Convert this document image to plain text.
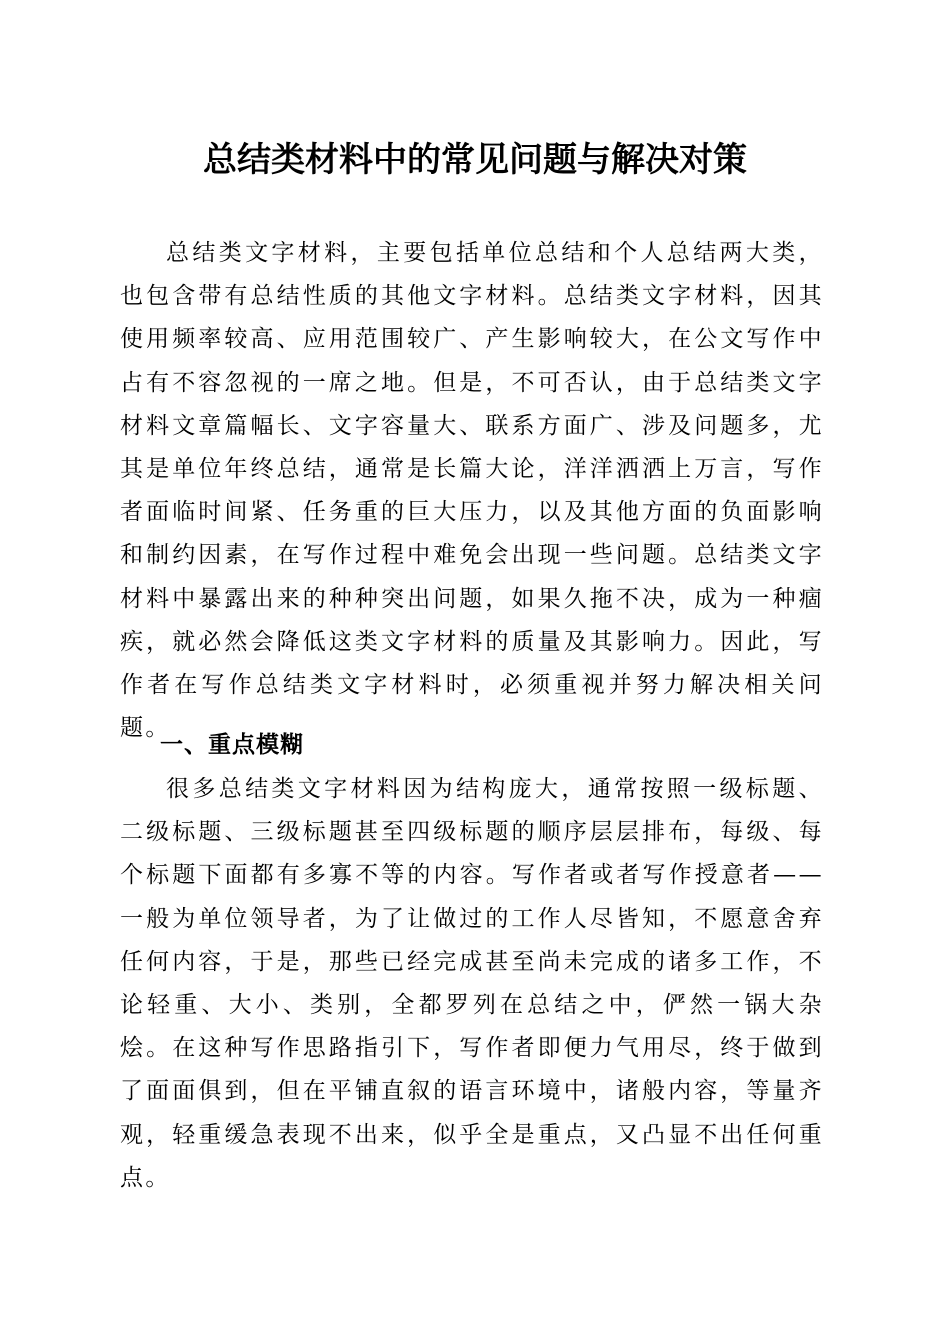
总结类材料中的常见问题与解决对策

总结类文字材料，主要包括单位总结和个人总结两大类，也包含带有总结性质的其他文字材料。总结类文字材料，因其使用频率较高、应用范围较广、产生影响较大，在公文写作中占有不容忽视的一席之地。但是，不可否认，由于总结类文字材料文章篇幅长、文字容量大、联系方面广、涉及问题多，尤其是单位年终总结，通常是长篇大论，洋洋洒洒上万言，写作者面临时间紧、任务重的巨大压力，以及其他方面的负面影响和制约因素，在写作过程中难免会出现一些问题。总结类文字材料中暴露出来的种种突出问题，如果久拖不决，成为一种痼疾，就必然会降低这类文字材料的质量及其影响力。因此，写作者在写作总结类文字材料时，必须重视并努力解决相关问题。

一、重点模糊

很多总结类文字材料因为结构庞大，通常按照一级标题、二级标题、三级标题甚至四级标题的顺序层层排布，每级、每个标题下面都有多寡不等的内容。写作者或者写作授意者——一般为单位领导者，为了让做过的工作人尽皆知，不愿意舍弃任何内容，于是，那些已经完成甚至尚未完成的诸多工作，不论轻重、大小、类别，全都罗列在总结之中，俨然一锅大杂烩。在这种写作思路指引下，写作者即便力气用尽，终于做到了面面俱到，但在平铺直叙的语言环境中，诸般内容，等量齐观，轻重缓急表现不出来，似乎全是重点，又凸显不出任何重点。
